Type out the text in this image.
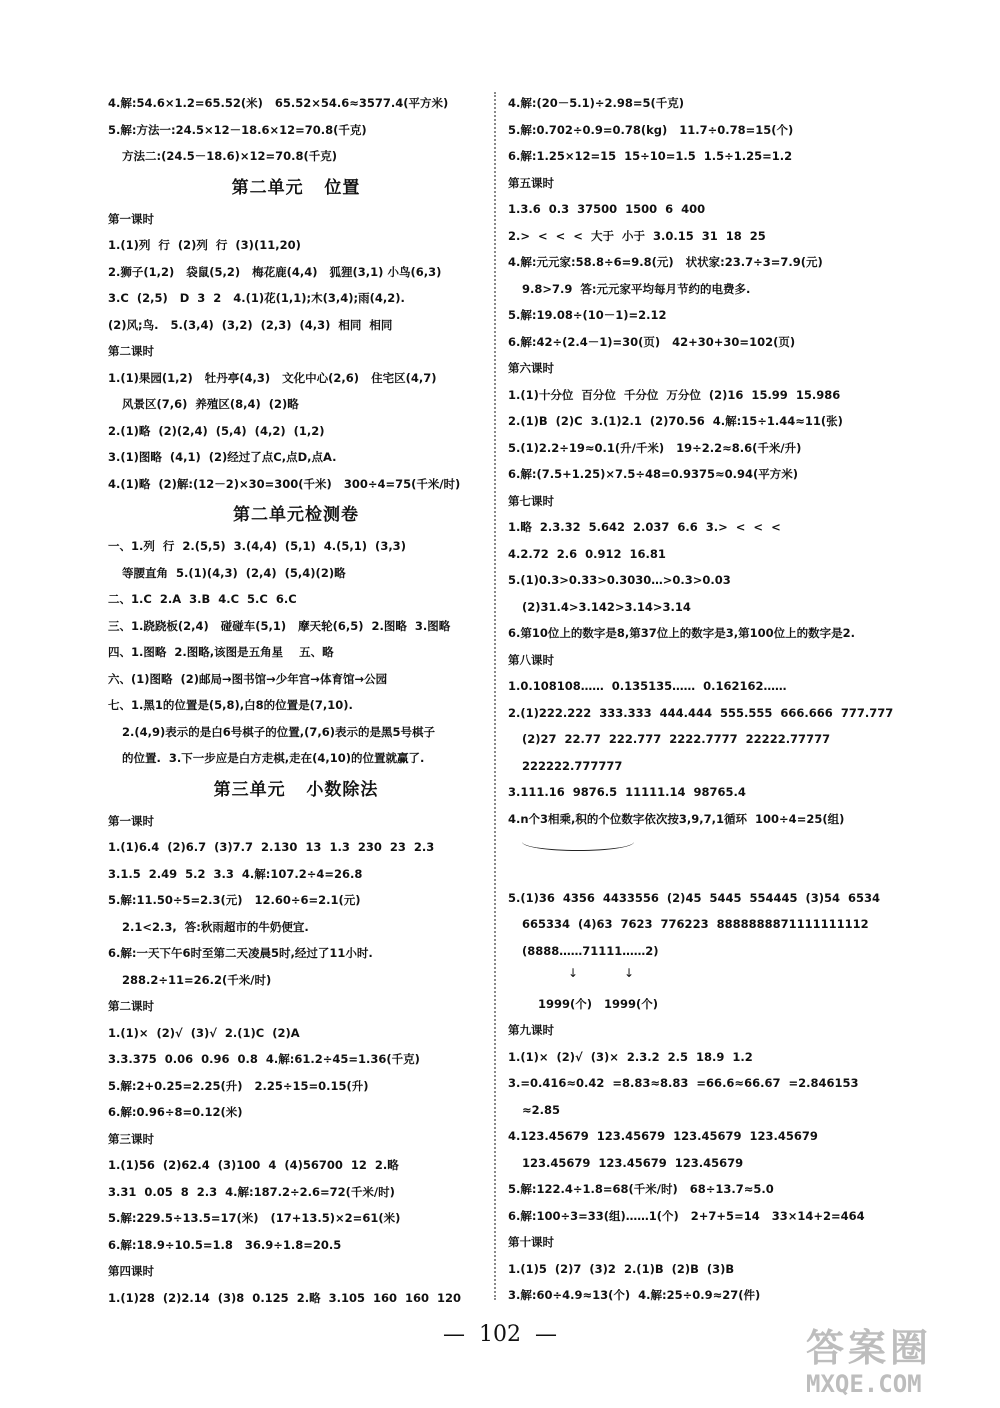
4.解:54.6×1.2=65.52(米)   65.52×54.6≈3577.4(平方米)
5.解:方法一:24.5×12－18.6×12=70.8(千克)
方法二:(24.5－18.6)×12=70.8(千克)
第二单元   位置
第一课时
1.(1)列  行  (2)列  行  (3)(11,20)
2.狮子(1,2)   袋鼠(5,2)   梅花鹿(4,4)   狐狸(3,1) 小鸟(6,3)
3.C  (2,5)   D  3  2   4.(1)花(1,1);木(3,4);雨(4,2).
(2)风;鸟.   5.(3,4)  (3,2)  (2,3)  (4,3)  相同  相同
第二课时
1.(1)果园(1,2)   牡丹亭(4,3)   文化中心(2,6)   住宅区(4,7)
风景区(7,6)  养殖区(8,4)  (2)略
2.(1)略  (2)(2,4)  (5,4)  (4,2)  (1,2)
3.(1)图略  (4,1)  (2)经过了点C,点D,点A.
4.(1)略  (2)解:(12－2)×30=300(千米)   300÷4=75(千米/时)
第二单元检测卷
一、1.列  行  2.(5,5)  3.(4,4)  (5,1)  4.(5,1)  (3,3)
等腰直角  5.(1)(4,3)  (2,4)  (5,4)(2)略
二、1.C  2.A  3.B  4.C  5.C  6.C
三、1.跷跷板(2,4)   碰碰车(5,1)   摩天轮(6,5)  2.图略  3.图略
四、1.图略  2.图略,该图是五角星    五、略
六、(1)图略  (2)邮局→图书馆→少年宫→体育馆→公园
七、1.黑1的位置是(5,8),白8的位置是(7,10).
2.(4,9)表示的是白6号棋子的位置,(7,6)表示的是黑5号棋子
的位置.  3.下一步应是白方走棋,走在(4,10)的位置就赢了.
第三单元   小数除法
第一课时
1.(1)6.4  (2)6.7  (3)7.7  2.130  13  1.3  230  23  2.3
3.1.5  2.49  5.2  3.3  4.解:107.2÷4=26.8
5.解:11.50÷5=2.3(元)   12.60÷6=2.1(元)
2.1<2.3,  答:秋雨超市的牛奶便宜.
6.解:一天下午6时至第二天凌晨5时,经过了11小时.
288.2÷11=26.2(千米/时)
第二课时
1.(1)×  (2)√  (3)√  2.(1)C  (2)A
3.3.375  0.06  0.96  0.8  4.解:61.2÷45=1.36(千克)
5.解:2+0.25=2.25(升)   2.25÷15=0.15(升)
6.解:0.96÷8=0.12(米)
第三课时
1.(1)56  (2)62.4  (3)100  4  (4)56700  12  2.略
3.31  0.05  8  2.3  4.解:187.2÷2.6=72(千米/时)
5.解:229.5÷13.5=17(米)   (17+13.5)×2=61(米)
6.解:18.9÷10.5=1.8   36.9÷1.8=20.5
第四课时
1.(1)28  (2)2.14  (3)8  0.125  2.略  3.105  160  160  120
4.解:(20－5.1)÷2.98=5(千克)
5.解:0.702÷0.9=0.78(kg)   11.7÷0.78=15(个)
6.解:1.25×12=15  15÷10=1.5  1.5÷1.25=1.2
第五课时
1.3.6  0.3  37500  1500  6  400
2.>  <  <  <  大于  小于  3.0.15  31  18  25
4.解:元元家:58.8÷6=9.8(元)   状状家:23.7÷3=7.9(元)
9.8>7.9  答:元元家平均每月节约的电费多.
5.解:19.08÷(10－1)=2.12
6.解:42÷(2.4－1)=30(页)   42+30+30=102(页)
第六课时
1.(1)十分位  百分位  千分位  万分位  (2)16  15.99  15.986
2.(1)B  (2)C  3.(1)2.1  (2)70.56  4.解:15÷1.44≈11(张)
5.(1)2.2÷19≈0.1(升/千米)   19÷2.2≈8.6(千米/升)
6.解:(7.5+1.25)×7.5÷48=0.9375≈0.94(平方米)
第七课时
1.略  2.3.32  5.642  2.037  6.6  3.>  <  <  <
4.2.72  2.6  0.912  16.81
5.(1)0.3>0.33>0.3030…>0.3>0.03
(2)31.4>3.142>3.14>3.14
6.第10位上的数字是8,第37位上的数字是3,第100位上的数字是2.
第八课时
1.0.108108……  0.135135……  0.162162……
2.(1)222.222  333.333  444.444  555.555  666.666  777.777
(2)27  22.77  222.777  2222.7777  22222.77777
222222.777777
3.111.16  9876.5  11111.14  98765.4
4.n个3相乘,积的个位数字依次按3,9,7,1循环  100÷4=25(组)

5.(1)36  4356  4433556  (2)45  5445  554445  (3)54  6534
665334  (4)63  7623  776223  8888888871111111112
(8888……71111……2)
↓	↓
1999(个)   1999(个)
第九课时
1.(1)×  (2)√  (3)×  2.3.2  2.5  18.9  1.2
3.=0.416≈0.42  =8.83≈8.83  =66.6≈66.67  =2.846153
≈2.85
4.123.45679  123.45679  123.45679  123.45679
123.45679  123.45679  123.45679
5.解:122.4÷1.8=68(千米/时)   68÷13.7≈5.0
6.解:100÷3=33(组)……1(个)   2+7+5=14   33×14+2=464
第十课时
1.(1)5  (2)7  (3)2  2.(1)B  (2)B  (3)B
3.解:60÷4.9≈13(个)  4.解:25÷0.9≈27(件)
—  102  —	答案圈
MXQE.COM
